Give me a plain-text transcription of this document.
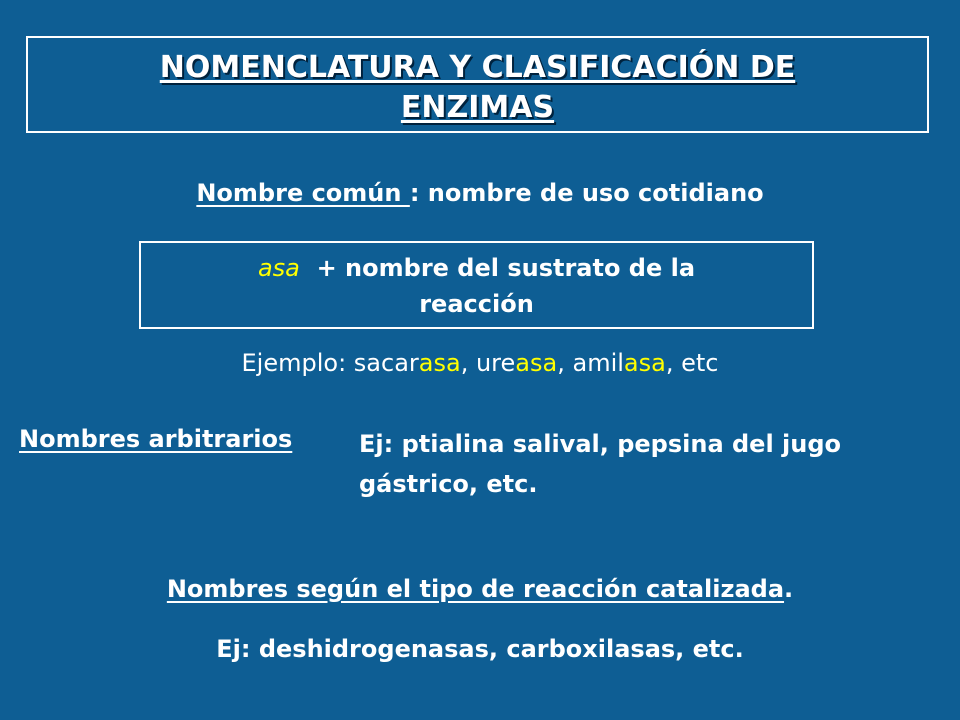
NOMENCLATURA Y CLASIFICACIÓN DE
ENZIMAS
Nombre común : nombre de uso cotidiano
asa  + nombre del sustrato de la
reacción
Ejemplo: sacarasa, ureasa, amilasa, etc
Nombres arbitrarios	Ej: ptialina salival, pepsina del jugo
gástrico, etc.
Nombres según el tipo de reacción catalizada.
Ej: deshidrogenasas, carboxilasas, etc.
